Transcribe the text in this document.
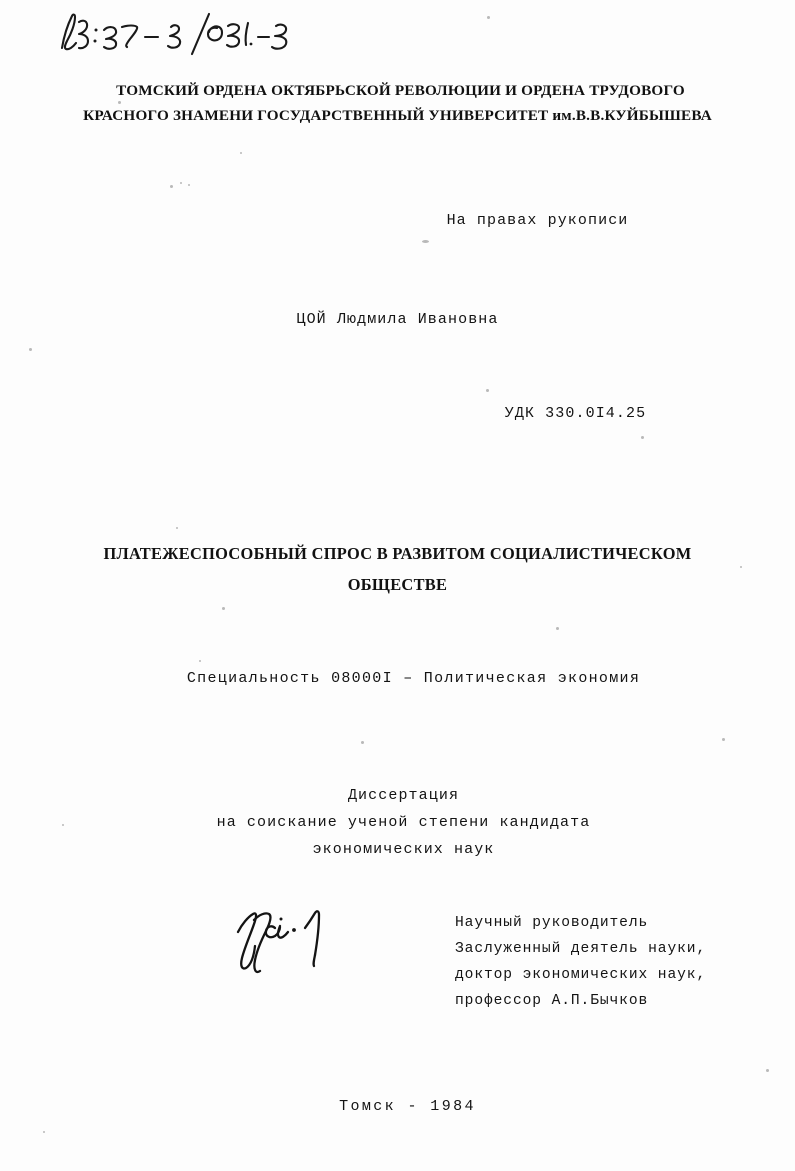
ТОМСКИЙ ОРДЕНА ОКТЯБРЬСКОЙ РЕВОЛЮЦИИ И ОРДЕНА ТРУДОВОГО
КРАСНОГО ЗНАМЕНИ ГОСУДАРСТВЕННЫЙ УНИВЕРСИТЕТ им.В.В.КУЙБЫШЕВА
На правах рукописи
ЦОЙ Людмила Ивановна
УДК 330.0I4.25
ПЛАТЕЖЕСПОСОБНЫЙ СПРОС В РАЗВИТОМ СОЦИАЛИСТИЧЕСКОМ
ОБЩЕСТВЕ
Специальность 08000I – Политическая экономия
Диссертация
на соискание ученой степени кандидата
экономических наук
Научный руководитель
Заслуженный деятель науки,
доктор экономических наук,
профессор А.П.Бычков
Томск - 1984
